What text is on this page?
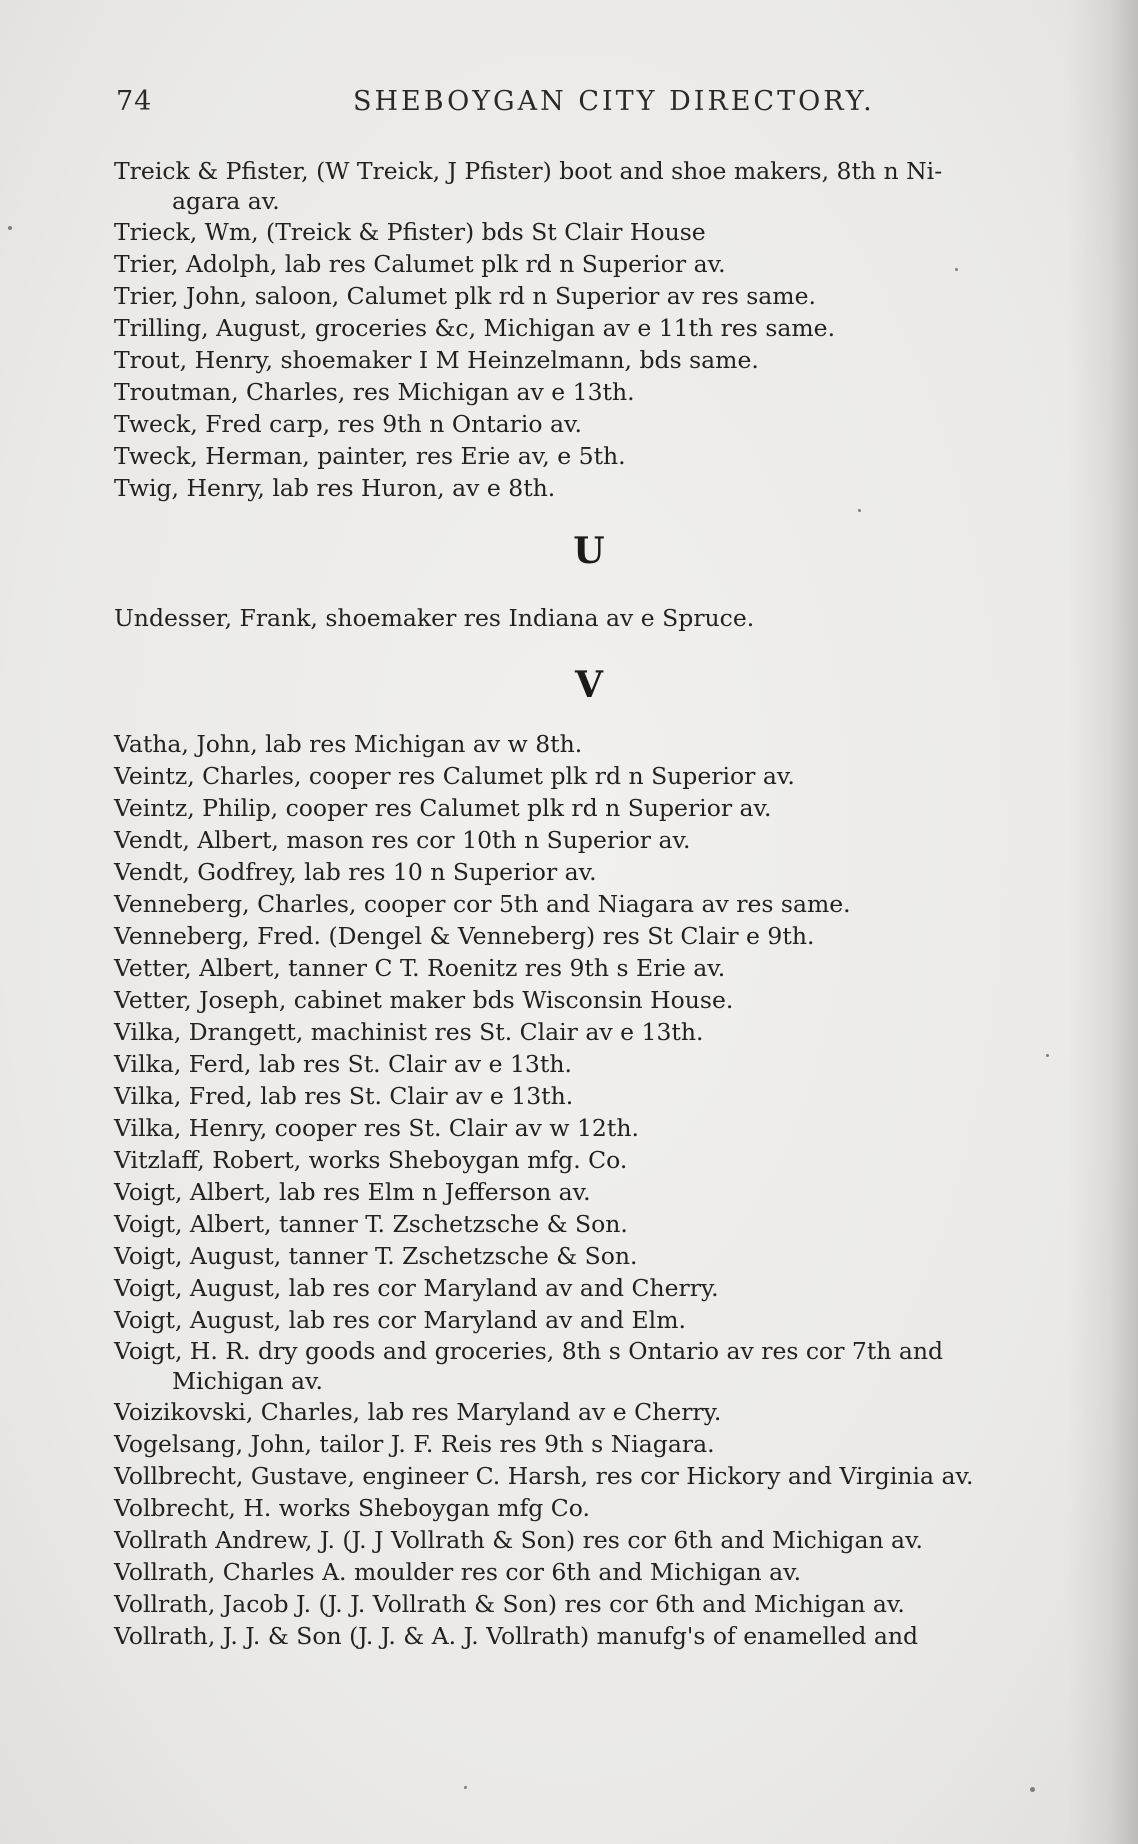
74	SHEBOYGAN CITY DIRECTORY.
Treick & Pfister, (W Treick, J Pfister) boot and shoe makers, 8th n Ni-
agara av.
Trieck, Wm, (Treick & Pfister) bds St Clair House
Trier, Adolph, lab res Calumet plk rd n Superior av.
Trier, John, saloon, Calumet plk rd n Superior av res same.
Trilling, August, groceries &c, Michigan av e 11th res same.
Trout, Henry, shoemaker I M Heinzelmann, bds same.
Troutman, Charles, res Michigan av e 13th.
Tweck, Fred carp, res 9th n Ontario av.
Tweck, Herman, painter, res Erie av, e 5th.
Twig, Henry, lab res Huron, av e 8th.
U
Undesser, Frank, shoemaker res Indiana av e Spruce.
V
Vatha, John, lab res Michigan av w 8th.
Veintz, Charles, cooper res Calumet plk rd n Superior av.
Veintz, Philip, cooper res Calumet plk rd n Superior av.
Vendt, Albert, mason res cor 10th n Superior av.
Vendt, Godfrey, lab res 10 n Superior av.
Venneberg, Charles, cooper cor 5th and Niagara av res same.
Venneberg, Fred. (Dengel & Venneberg) res St Clair e 9th.
Vetter, Albert, tanner C T. Roenitz res 9th s Erie av.
Vetter, Joseph, cabinet maker bds Wisconsin House.
Vilka, Drangett, machinist res St. Clair av e 13th.
Vilka, Ferd, lab res St. Clair av e 13th.
Vilka, Fred, lab res St. Clair av e 13th.
Vilka, Henry, cooper res St. Clair av w 12th.
Vitzlaff, Robert, works Sheboygan mfg. Co.
Voigt, Albert, lab res Elm n Jefferson av.
Voigt, Albert, tanner T. Zschetzsche & Son.
Voigt, August, tanner T. Zschetzsche & Son.
Voigt, August, lab res cor Maryland av and Cherry.
Voigt, August, lab res cor Maryland av and Elm.
Voigt, H. R. dry goods and groceries, 8th s Ontario av res cor 7th and
Michigan av.
Voizikovski, Charles, lab res Maryland av e Cherry.
Vogelsang, John, tailor J. F. Reis res 9th s Niagara.
Vollbrecht, Gustave, engineer C. Harsh, res cor Hickory and Virginia av.
Volbrecht, H. works Sheboygan mfg Co.
Vollrath Andrew, J. (J. J Vollrath & Son) res cor 6th and Michigan av.
Vollrath, Charles A. moulder res cor 6th and Michigan av.
Vollrath, Jacob J. (J. J. Vollrath & Son) res cor 6th and Michigan av.
Vollrath, J. J. & Son (J. J. & A. J. Vollrath) manufg's of enamelled and
